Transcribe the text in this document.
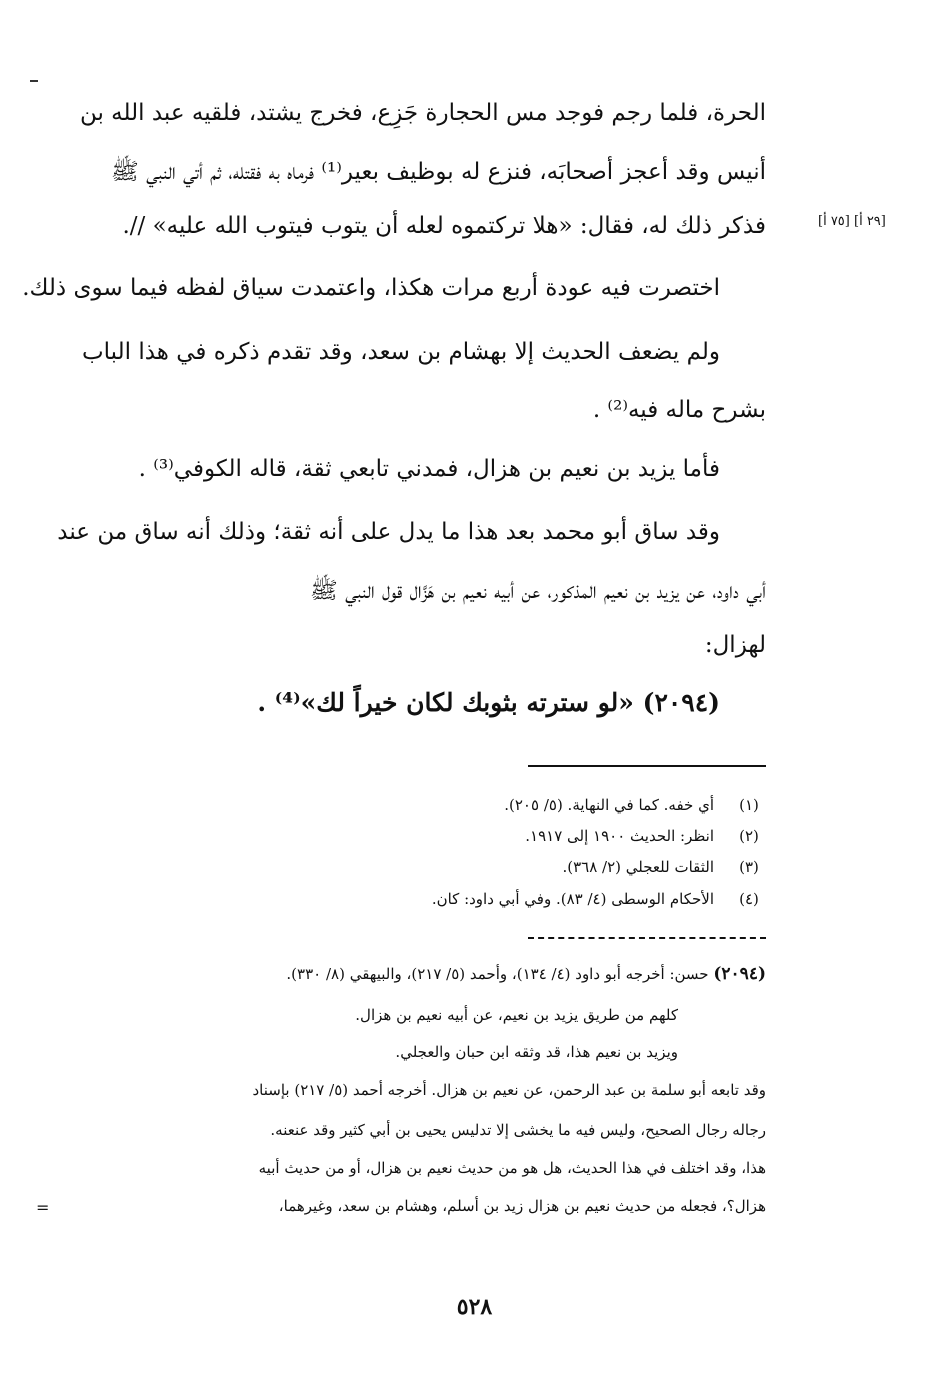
الحرة، فلما رجم فوجد مس الحجارة جَزِع، فخرج يشتد، فلقيه عبد الله بن
أنيس وقد أعجز أصحابَه، فنزع له بوظيف بعير⁽¹⁾ فرماه به فقتله، ثم أتي النبي ﷺ
فذكر ذلك له، فقال: «هلا تركتموه لعله أن يتوب فيتوب الله عليه» //.
اختصرت فيه عودة أربع مرات هكذا، واعتمدت سياق لفظه فيما سوى ذلك.
ولم يضعف الحديث إلا بهشام بن سعد، وقد تقدم ذكره في هذا الباب
بشرح ماله فيه⁽²⁾ .
فأما يزيد بن نعيم بن هزال، فمدني تابعي ثقة، قاله الكوفي⁽³⁾ .
وقد ساق أبو محمد بعد هذا ما يدل على أنه ثقة؛ وذلك أنه ساق من عند
أبي داود، عن يزيد بن نعيم المذكور، عن أبيه نعيم بن هَزَّال قول النبي ﷺ
لهزال:
(٢٠٩٤) «لو سترته بثوبك لكان خيراً لك»⁽⁴⁾ .
[٢٩ أ] [٧٥ أ]
(١)
أي خفه. كما في النهاية. (٥/ ٢٠٥).
(٢)
انظر: الحديث ١٩٠٠ إلى ١٩١٧.
(٣)
الثقات للعجلي (٢/ ٣٦٨).
(٤)
الأحكام الوسطى (٤/ ٨٣). وفي أبي داود: كان.
(٢٠٩٤) حسن: أخرجه أبو داود (٤/ ١٣٤)، وأحمد (٥/ ٢١٧)، والبيهقي (٨/ ٣٣٠).
كلهم من طريق يزيد بن نعيم، عن أبيه نعيم بن هزال.
ويزيد بن نعيم هذا، قد وثقه ابن حبان والعجلي.
وقد تابعه أبو سلمة بن عبد الرحمن، عن نعيم بن هزال. أخرجه أحمد (٥/ ٢١٧) بإسناد
رجاله رجال الصحيح، وليس فيه ما يخشى إلا تدليس يحيى بن أبي كثير وقد عنعنه.
هذا، وقد اختلف في هذا الحديث، هل هو من حديث نعيم بن هزال، أو من حديث أبيه
هزال؟، فجعله من حديث نعيم بن هزال زيد بن أسلم، وهشام بن سعد، وغيرهما،
=
٥٢٨
